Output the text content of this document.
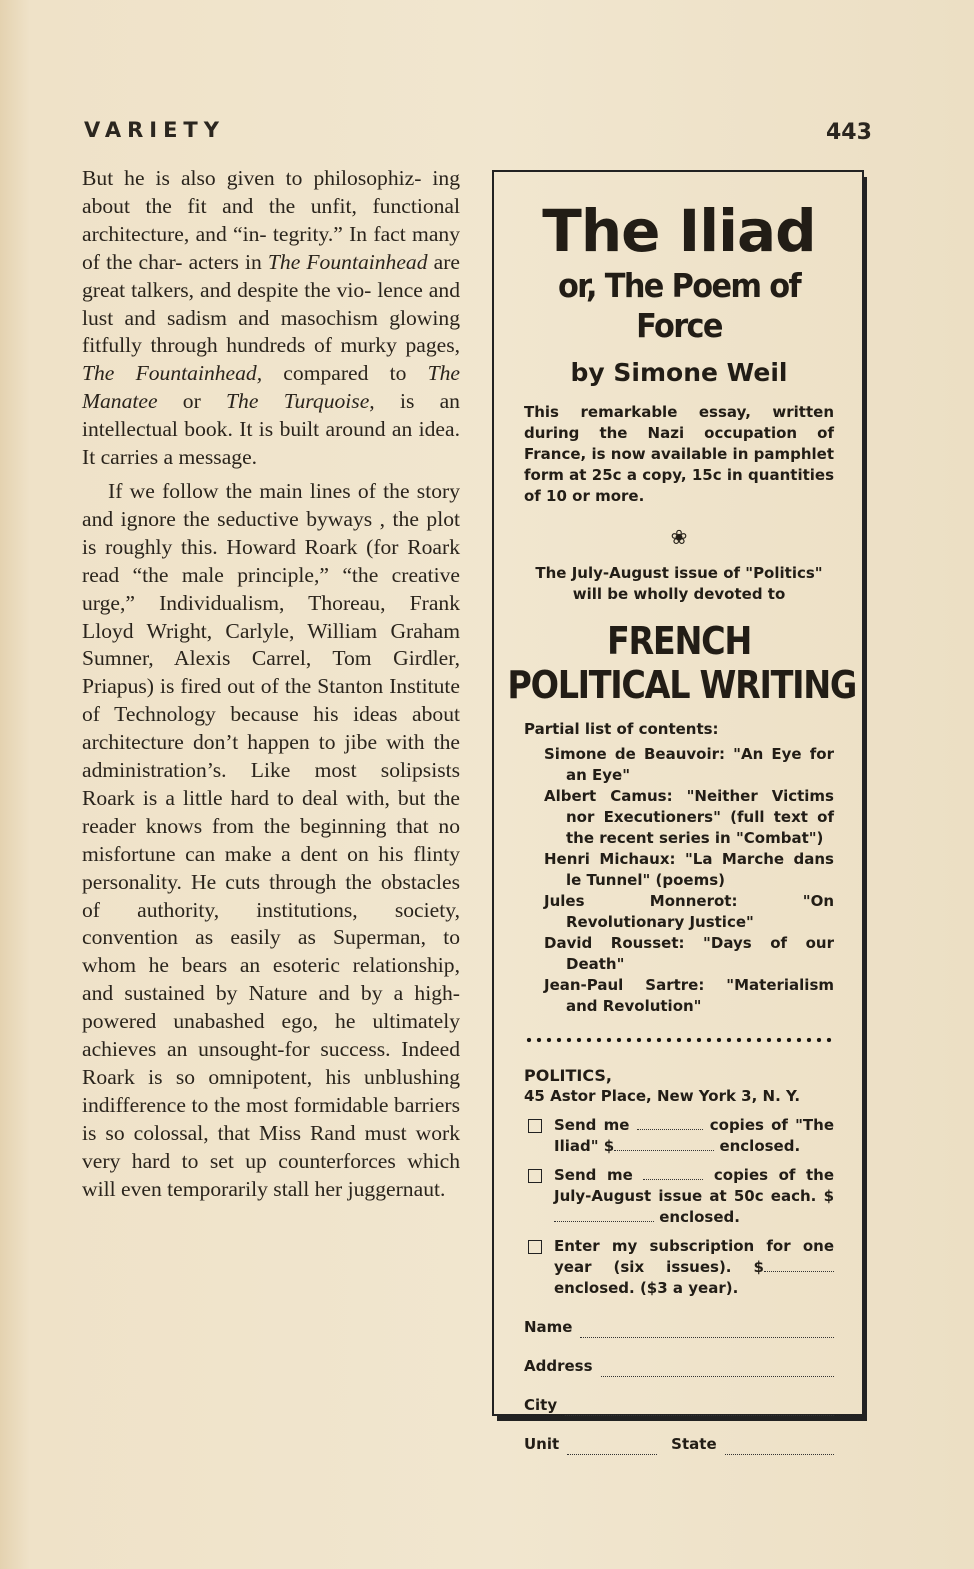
VARIETY	443

But he is also given to philosophiz- ing about the fit and the unfit, functional architecture, and “in- tegrity.” In fact many of the char- acters in The Fountainhead are great talkers, and despite the vio- lence and lust and sadism and masochism glowing fitfully through hundreds of murky pages, The Fountainhead, compared to The Manatee or The Turquoise, is an intellectual book. It is built around an idea. It carries a message.

If we follow the main lines of the story and ignore the seductive byways , the plot is roughly this. Howard Roark (for Roark read “the male principle,” “the creative urge,” Individualism, Thoreau, Frank Lloyd Wright, Carlyle, William Graham Sumner, Alexis Carrel, Tom Girdler, Priapus) is fired out of the Stanton Institute of Technology because his ideas about architecture don’t happen to jibe with the administration’s. Like most solipsists Roark is a little hard to deal with, but the reader knows from the beginning that no misfortune can make a dent on his flinty personality. He cuts through the obstacles of authority, institutions, society, convention as easily as Superman, to whom he bears an esoteric relationship, and sustained by Nature and by a high-powered unabashed ego, he ultimately achieves an unsought-for success. Indeed Roark is so omnipotent, his unblushing indifference to the most formidable barriers is so colossal, that Miss Rand must work very hard to set up counterforces which will even temporarily stall her juggernaut.

The Iliad
or, The Poem of Force
by Simone Weil
This remarkable essay, written during the Nazi occupation of France, is now available in pamphlet form at 25c a copy, 15c in quantities of 10 or more.
❀
The July-August issue of "Politics"
will be wholly devoted to
FRENCH
POLITICAL WRITING
Partial list of contents:
Simone de Beauvoir: "An Eye for an Eye"
Albert Camus: "Neither Victims nor Executioners" (full text of the recent series in "Combat")
Henri Michaux: "La Marche dans le Tunnel" (poems)
Jules Monnerot: "On Revolutionary Justice"
David Rousset: "Days of our Death"
Jean-Paul Sartre: "Materialism and Revolution"
POLITICS,
45 Astor Place, New York 3, N. Y.
Send me	copies of "The Iliad" $	enclosed.
Send me	copies of the July-August issue at 50c each. $ enclosed.
Enter my subscription for one year (six issues). $ enclosed. ($3 a year).
Name
Address
City
Unit	State
